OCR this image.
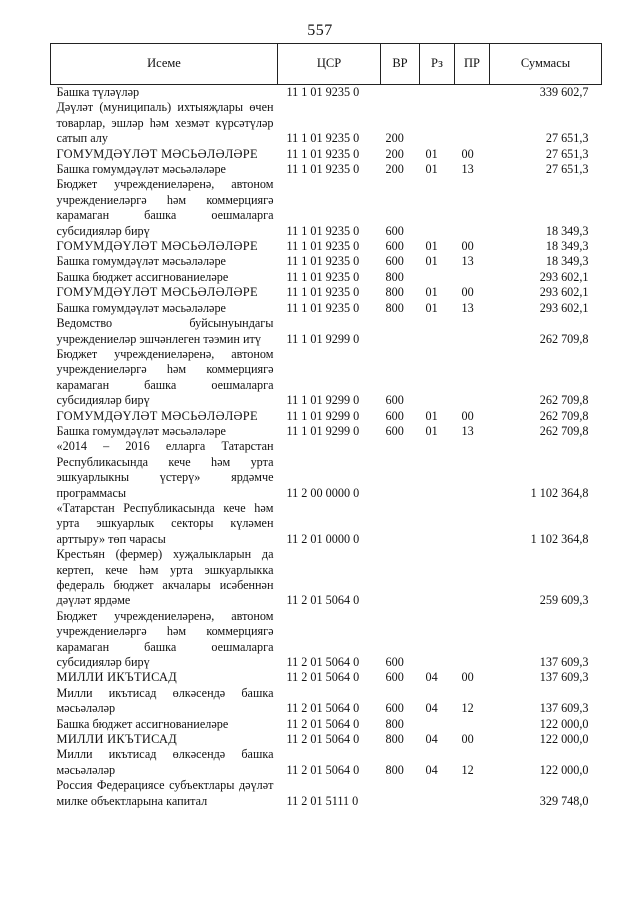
557
Исеме	ЦСР	ВР	Рз	ПР	Суммасы
Башка түләүләр	11 1 01 9235 0				339 602,7
Дәүләт (муниципаль) ихтыяҗлары өчен товарлар, эшләр һәм хезмәт күрсәтүләр сатып алу	11 1 01 9235 0	200			27 651,3
ГОМУМДӘҮЛӘТ МӘСЬӘЛӘЛӘРЕ	11 1 01 9235 0	200	01	00	27 651,3
Башка гомумдәүләт мәсьәләләре	11 1 01 9235 0	200	01	13	27 651,3
Бюджет учреждениеләренә, автоном учреждениеләргә һәм коммерциягә карамаган башка оешмаларга субсидияләр бирү	11 1 01 9235 0	600			18 349,3
ГОМУМДӘҮЛӘТ МӘСЬӘЛӘЛӘРЕ	11 1 01 9235 0	600	01	00	18 349,3
Башка гомумдәүләт мәсьәләләре	11 1 01 9235 0	600	01	13	18 349,3
Башка бюджет ассигнованиеләре	11 1 01 9235 0	800			293 602,1
ГОМУМДӘҮЛӘТ МӘСЬӘЛӘЛӘРЕ	11 1 01 9235 0	800	01	00	293 602,1
Башка гомумдәүләт мәсьәләләре	11 1 01 9235 0	800	01	13	293 602,1
Ведомство буйсынуындагы учреждениеләр эшчәнлеген тәэмин итү	11 1 01 9299 0				262 709,8
Бюджет учреждениеләренә, автоном учреждениеләргә һәм коммерциягә карамаган башка оешмаларга субсидияләр бирү	11 1 01 9299 0	600			262 709,8
ГОМУМДӘҮЛӘТ МӘСЬӘЛӘЛӘРЕ	11 1 01 9299 0	600	01	00	262 709,8
Башка гомумдәүләт мәсьәләләре	11 1 01 9299 0	600	01	13	262 709,8
«2014 – 2016 елларга Татарстан Республикасында кече һәм урта эшкуарлыкны үстерү» ярдәмче программасы	11 2 00 0000 0				1 102 364,8
«Татарстан Республикасында кече һәм урта эшкуарлык секторы күләмен арттыру» төп чарасы	11 2 01 0000 0				1 102 364,8
Крестьян (фермер) хуҗалыкларын да кертеп, кече һәм урта эшкуарлыкка федераль бюджет акчалары исәбеннән дәүләт ярдәме	11 2 01 5064 0				259 609,3
Бюджет учреждениеләренә, автоном учреждениеләргә һәм коммерциягә карамаган башка оешмаларга субсидияләр бирү	11 2 01 5064 0	600			137 609,3
МИЛЛИ ИКЪТИСАД	11 2 01 5064 0	600	04	00	137 609,3
Милли икътисад өлкәсендә башка мәсьәләләр	11 2 01 5064 0	600	04	12	137 609,3
Башка бюджет ассигнованиеләре	11 2 01 5064 0	800			122 000,0
МИЛЛИ ИКЪТИСАД	11 2 01 5064 0	800	04	00	122 000,0
Милли икътисад өлкәсендә башка мәсьәләләр	11 2 01 5064 0	800	04	12	122 000,0
Россия Федерациясе субъектлары дәүләт милке объектларына капитал	11 2 01 5111 0				329 748,0
